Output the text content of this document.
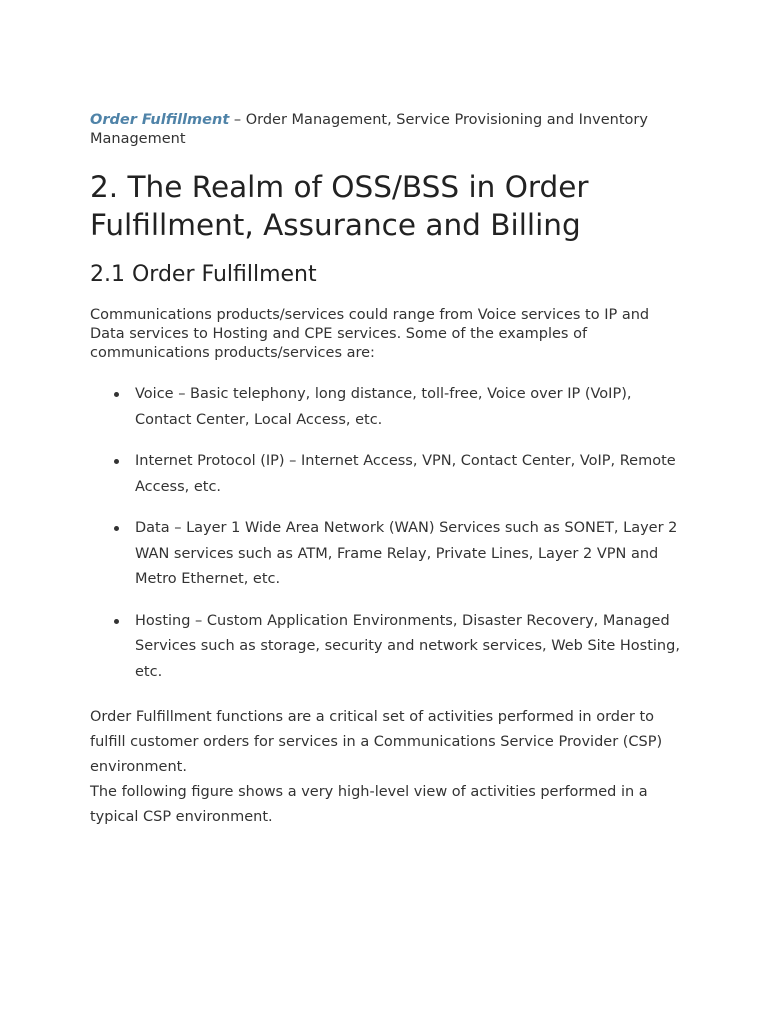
Order Fulfillment – Order Management, Service Provisioning and Inventory Management

2. The Realm of OSS/BSS in Order Fulfillment, Assurance and Billing
2.1 Order Fulfillment

Communications products/services could range from Voice services to IP and Data services to Hosting and CPE services. Some of the examples of communications products/services are:

Voice – Basic telephony, long distance, toll-free, Voice over IP (VoIP), Contact Center, Local Access, etc.
Internet Protocol (IP) – Internet Access, VPN, Contact Center, VoIP, Remote Access, etc.
Data – Layer 1 Wide Area Network (WAN) Services such as SONET, Layer 2 WAN services such as ATM, Frame Relay, Private Lines, Layer 2 VPN and Metro Ethernet, etc.
Hosting – Custom Application Environments, Disaster Recovery, Managed Services such as storage, security and network services, Web Site Hosting, etc.

Order Fulfillment functions are a critical set of activities performed in order to fulfill customer orders for services in a Communications Service Provider (CSP) environment.
The following figure shows a very high-level view of activities performed in a typical CSP environment.
